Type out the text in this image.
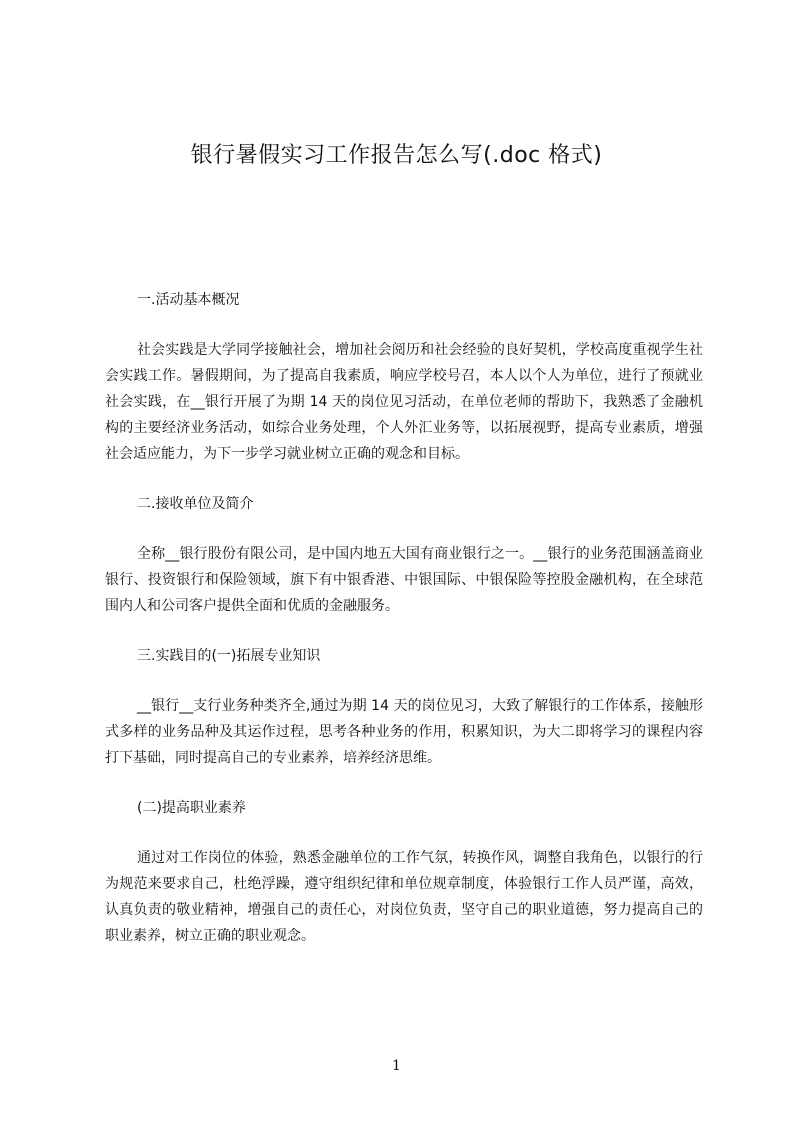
银行暑假实习工作报告怎么写(.doc 格式)

一.活动基本概况

社会实践是大学同学接触社会，增加社会阅历和社会经验的良好契机，学校高度重视学生社会实践工作。暑假期间，为了提高自我素质，响应学校号召，本人以个人为单位，进行了预就业社会实践，在__银行开展了为期 14 天的岗位见习活动，在单位老师的帮助下，我熟悉了金融机构的主要经济业务活动，如综合业务处理，个人外汇业务等，以拓展视野，提高专业素质，增强社会适应能力，为下一步学习就业树立正确的观念和目标。

二.接收单位及简介

全称__银行股份有限公司，是中国内地五大国有商业银行之一。__银行的业务范围涵盖商业银行、投资银行和保险领域，旗下有中银香港、中银国际、中银保险等控股金融机构，在全球范围内人和公司客户提供全面和优质的金融服务。

三.实践目的(一)拓展专业知识

__银行__支行业务种类齐全,通过为期 14 天的岗位见习，大致了解银行的工作体系，接触形式多样的业务品种及其运作过程，思考各种业务的作用，积累知识，为大二即将学习的课程内容打下基础，同时提高自己的专业素养，培养经济思维。

(二)提高职业素养

通过对工作岗位的体验，熟悉金融单位的工作气氛，转换作风，调整自我角色，以银行的行为规范来要求自己，杜绝浮躁，遵守组织纪律和单位规章制度，体验银行工作人员严谨，高效，认真负责的敬业精神，增强自己的责任心，对岗位负责，坚守自己的职业道德，努力提高自己的职业素养，树立正确的职业观念。

1
